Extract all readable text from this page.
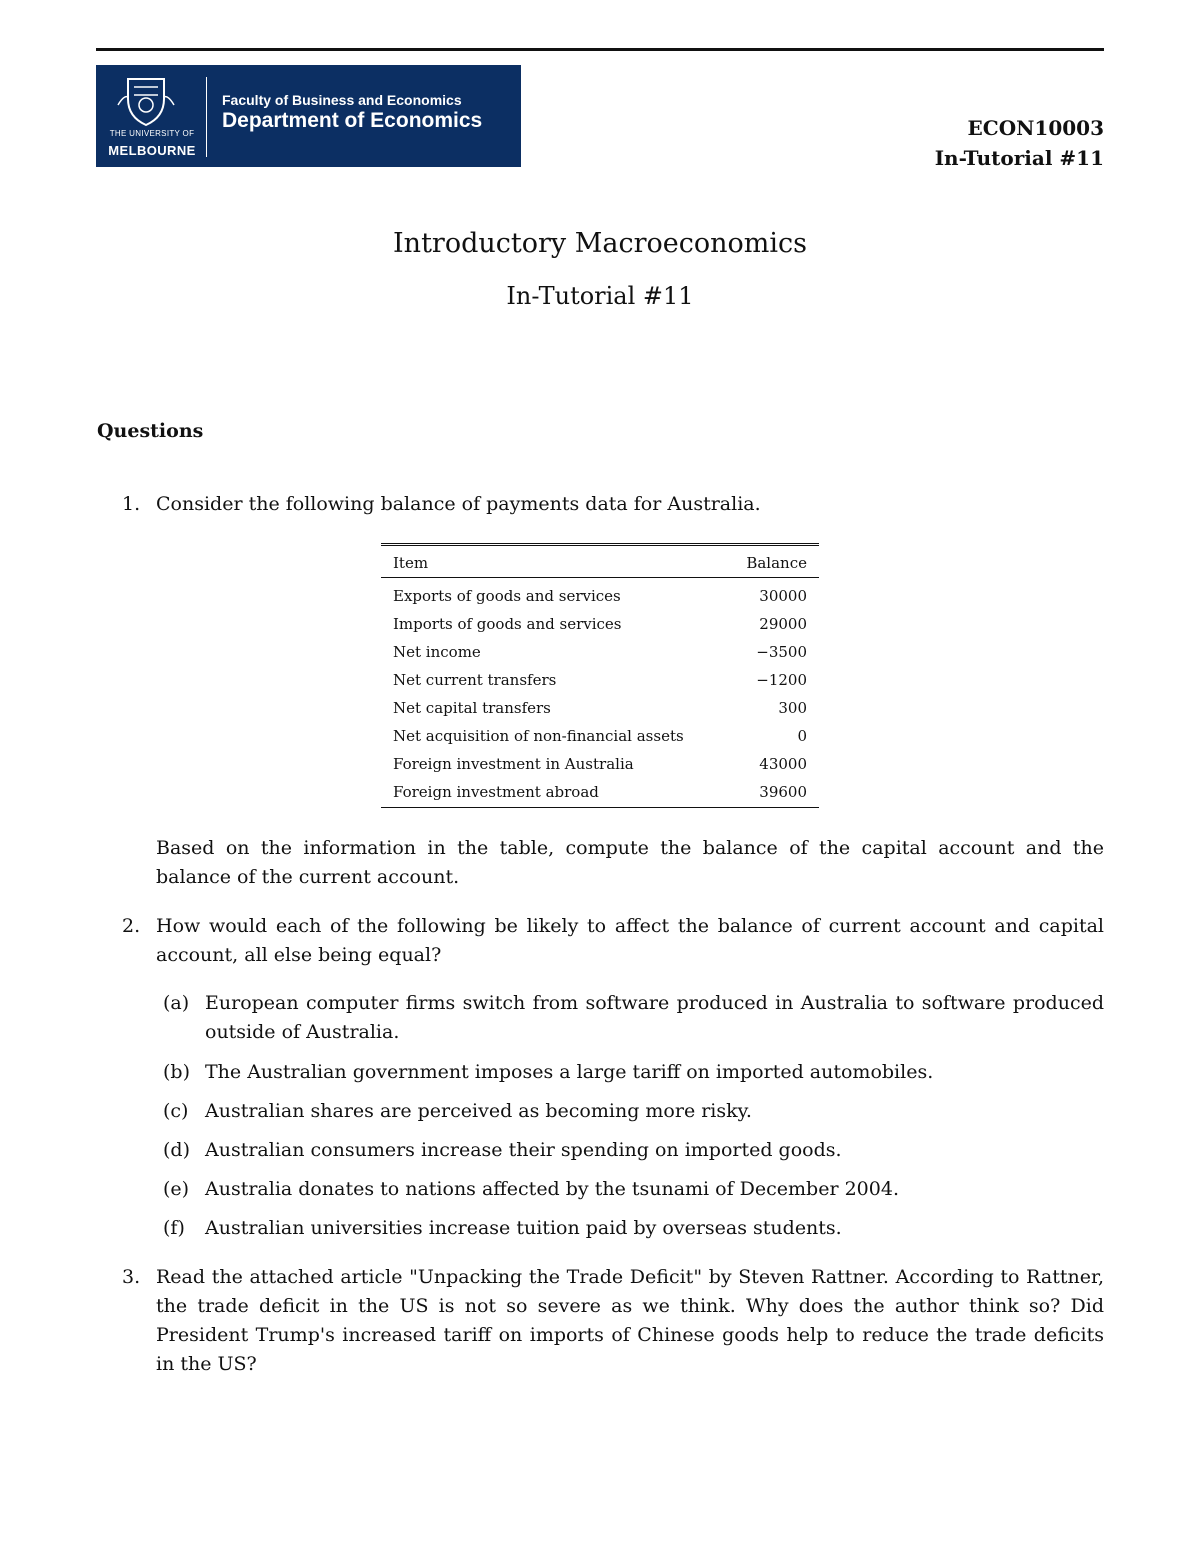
THE UNIVERSITY OF
MELBOURNE
Faculty of Business and Economics
Department of Economics	ECON10003
In-Tutorial #11
Introductory Macroeconomics
In-Tutorial #11
Questions
1. Consider the following balance of payments data for Australia.
Item	Balance
Exports of goods and services	30000
Imports of goods and services	29000
Net income	−3500
Net current transfers	−1200
Net capital transfers	300
Net acquisition of non-financial assets	0
Foreign investment in Australia	43000
Foreign investment abroad	39600
Based on the information in the table, compute the balance of the capital account and the balance of the current account.
2. How would each of the following be likely to affect the balance of current account and capital account, all else being equal?
(a) European computer firms switch from software produced in Australia to software produced outside of Australia.
(b) The Australian government imposes a large tariff on imported automobiles.
(c) Australian shares are perceived as becoming more risky.
(d) Australian consumers increase their spending on imported goods.
(e) Australia donates to nations affected by the tsunami of December 2004.
(f) Australian universities increase tuition paid by overseas students.
3. Read the attached article "Unpacking the Trade Deficit" by Steven Rattner. According to Rattner, the trade deficit in the US is not so severe as we think. Why does the author think so? Did President Trump's increased tariff on imports of Chinese goods help to reduce the trade deficits in the US?
